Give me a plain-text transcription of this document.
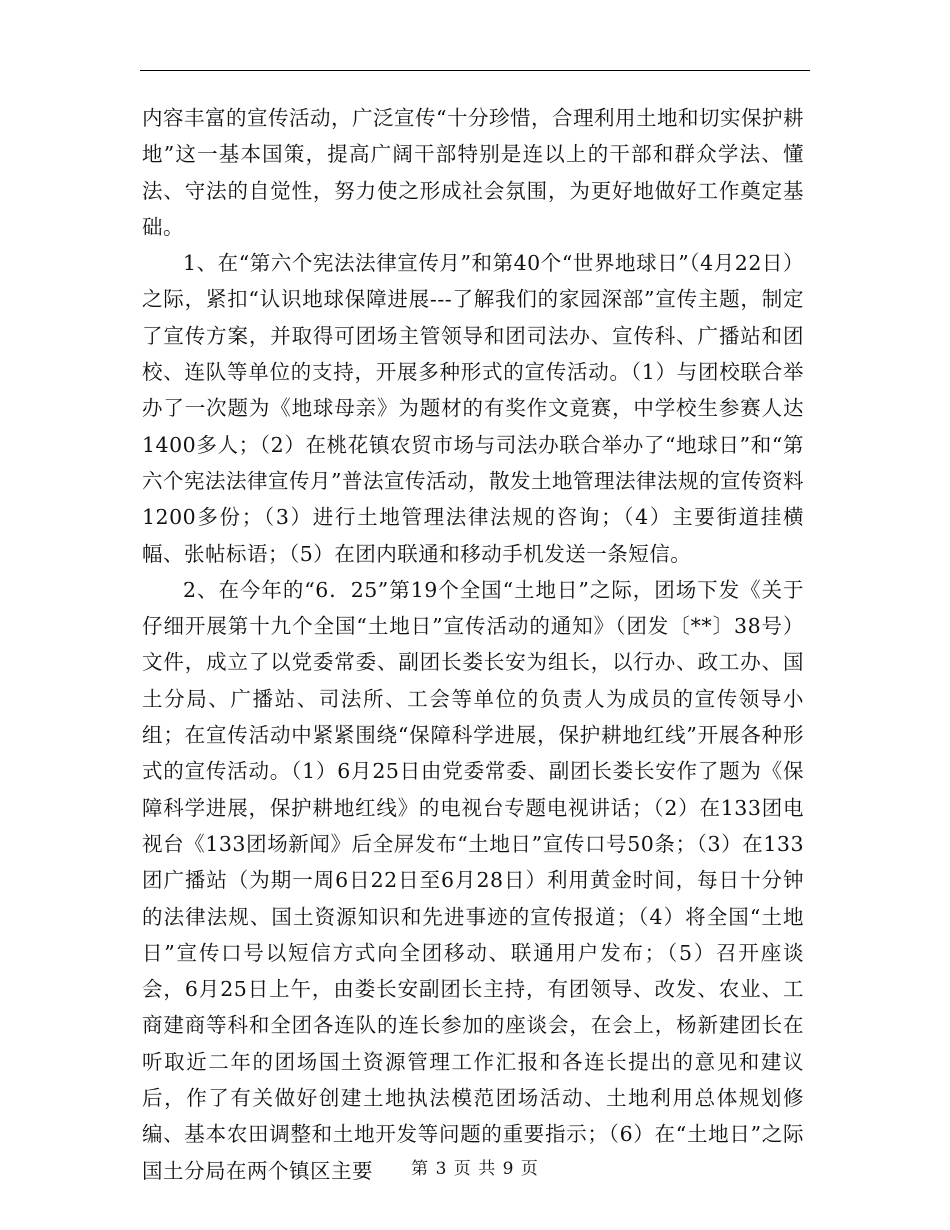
内容丰富的宣传活动，广泛宣传“十分珍惜，合理利用土地和切实保护耕地”这一基本国策，提高广阔干部特别是连以上的干部和群众学法、懂法、守法的自觉性，努力使之形成社会氛围，为更好地做好工作奠定基础。

1、在“第六个宪法法律宣传月”和第40个“世界地球日”（4月22日）之际，紧扣“认识地球保障进展---了解我们的家园深部”宣传主题，制定了宣传方案，并取得可团场主管领导和团司法办、宣传科、广播站和团校、连队等单位的支持，开展多种形式的宣传活动。（1）与团校联合举办了一次题为《地球母亲》为题材的有奖作文竟赛，中学校生参赛人达1400多人；（2）在桃花镇农贸市场与司法办联合举办了“地球日”和“第六个宪法法律宣传月”普法宣传活动，散发土地管理法律法规的宣传资料1200多份；（3）进行土地管理法律法规的咨询；（4）主要街道挂横幅、张帖标语；（5）在团内联通和移动手机发送一条短信。

2、在今年的“6．25”第19个全国“土地日”之际，团场下发《关于仔细开展第十九个全国“土地日”宣传活动的通知》（团发〔**〕38号）文件，成立了以党委常委、副团长娄长安为组长，以行办、政工办、国土分局、广播站、司法所、工会等单位的负责人为成员的宣传领导小组；在宣传活动中紧紧围绕“保障科学进展，保护耕地红线”开展各种形式的宣传活动。（1）6月25日由党委常委、副团长娄长安作了题为《保障科学进展，保护耕地红线》的电视台专题电视讲话；（2）在133团电视台《133团场新闻》后全屏发布“土地日”宣传口号50条；（3）在133团广播站（为期一周6日22日至6月28日）利用黄金时间，每日十分钟的法律法规、国土资源知识和先进事迹的宣传报道；（4）将全国“土地日”宣传口号以短信方式向全团移动、联通用户发布；（5）召开座谈会，6月25日上午，由娄长安副团长主持，有团领导、改发、农业、工商建商等科和全团各连队的连长参加的座谈会，在会上，杨新建团长在听取近二年的团场国土资源管理工作汇报和各连长提出的意见和建议后，作了有关做好创建土地执法模范团场活动、土地利用总体规划修编、基本农田调整和土地开发等问题的重要指示；（6）在“土地日”之际国土分局在两个镇区主要	第 3 页 共 9 页
